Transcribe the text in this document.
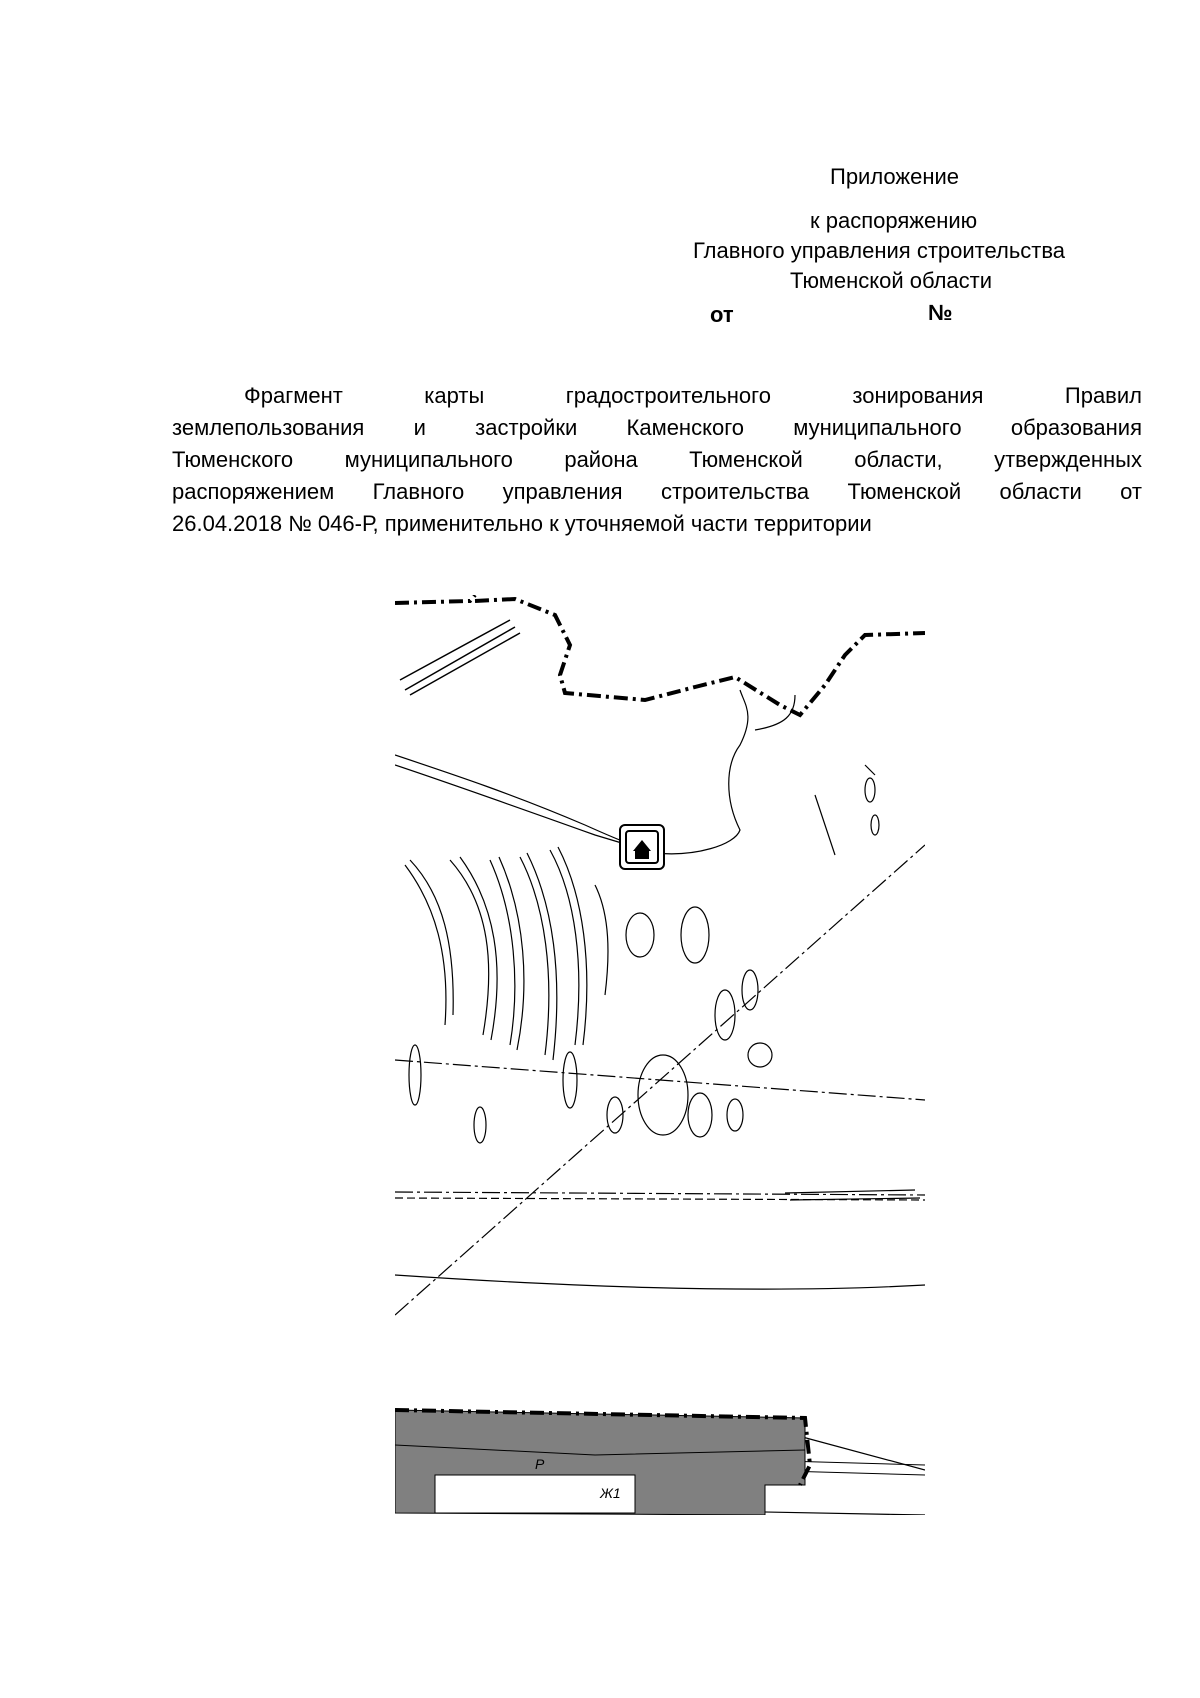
Приложение
к распоряжению
Главного управления строительства
Тюменской области
от	№
Фрагмент карты градостроительного зонирования Правил
землепользования и застройки Каменского муниципального образования
Тюменского муниципального района Тюменской области, утвержденных
распоряжением Главного управления строительства Тюменской области от
26.04.2018 № 046-Р, применительно к уточняемой части территории
Р
Ж1
